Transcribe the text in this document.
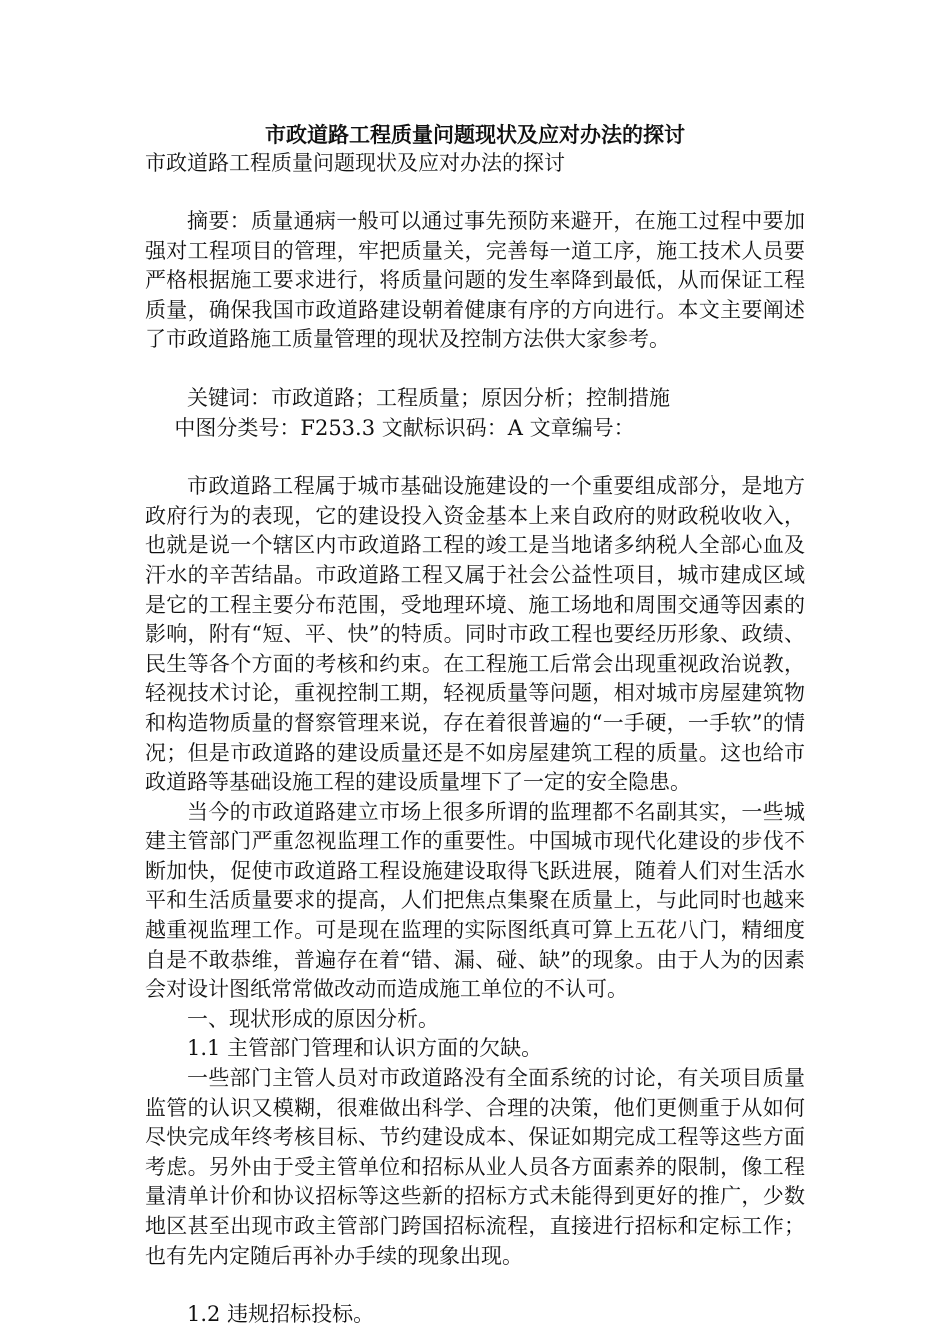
市政道路工程质量问题现状及应对办法的探讨

市政道路工程质量问题现状及应对办法的探讨

摘要：质量通病一般可以通过事先预防来避开，在施工过程中要加强对工程项目的管理，牢把质量关，完善每一道工序，施工技术人员要严格根据施工要求进行，将质量问题的发生率降到最低，从而保证工程质量，确保我国市政道路建设朝着健康有序的方向进行。本文主要阐述了市政道路施工质量管理的现状及控制方法供大家参考。

关键词：市政道路；工程质量；原因分析；控制措施

中图分类号：F253.3 文献标识码：A 文章编号：

市政道路工程属于城市基础设施建设的一个重要组成部分，是地方政府行为的表现，它的建设投入资金基本上来自政府的财政税收收入，也就是说一个辖区内市政道路工程的竣工是当地诸多纳税人全部心血及汗水的辛苦结晶。市政道路工程又属于社会公益性项目，城市建成区域是它的工程主要分布范围，受地理环境、施工场地和周围交通等因素的影响，附有“短、平、快”的特质。同时市政工程也要经历形象、政绩、民生等各个方面的考核和约束。在工程施工后常会出现重视政治说教，轻视技术讨论，重视控制工期，轻视质量等问题，相对城市房屋建筑物和构造物质量的督察管理来说，存在着很普遍的“一手硬，一手软”的情况；但是市政道路的建设质量还是不如房屋建筑工程的质量。这也给市政道路等基础设施工程的建设质量埋下了一定的安全隐患。

当今的市政道路建立市场上很多所谓的监理都不名副其实，一些城建主管部门严重忽视监理工作的重要性。中国城市现代化建设的步伐不断加快，促使市政道路工程设施建设取得飞跃进展，随着人们对生活水平和生活质量要求的提高，人们把焦点集聚在质量上，与此同时也越来越重视监理工作。可是现在监理的实际图纸真可算上五花八门，精细度自是不敢恭维，普遍存在着“错、漏、碰、缺”的现象。由于人为的因素会对设计图纸常常做改动而造成施工单位的不认可。

一、现状形成的原因分析。

1.1 主管部门管理和认识方面的欠缺。

一些部门主管人员对市政道路没有全面系统的讨论，有关项目质量监管的认识又模糊，很难做出科学、合理的决策，他们更侧重于从如何尽快完成年终考核目标、节约建设成本、保证如期完成工程等这些方面考虑。另外由于受主管单位和招标从业人员各方面素养的限制，像工程量清单计价和协议招标等这些新的招标方式未能得到更好的推广，少数地区甚至出现市政主管部门跨国招标流程，直接进行招标和定标工作；也有先内定随后再补办手续的现象出现。

1.2 违规招标投标。
